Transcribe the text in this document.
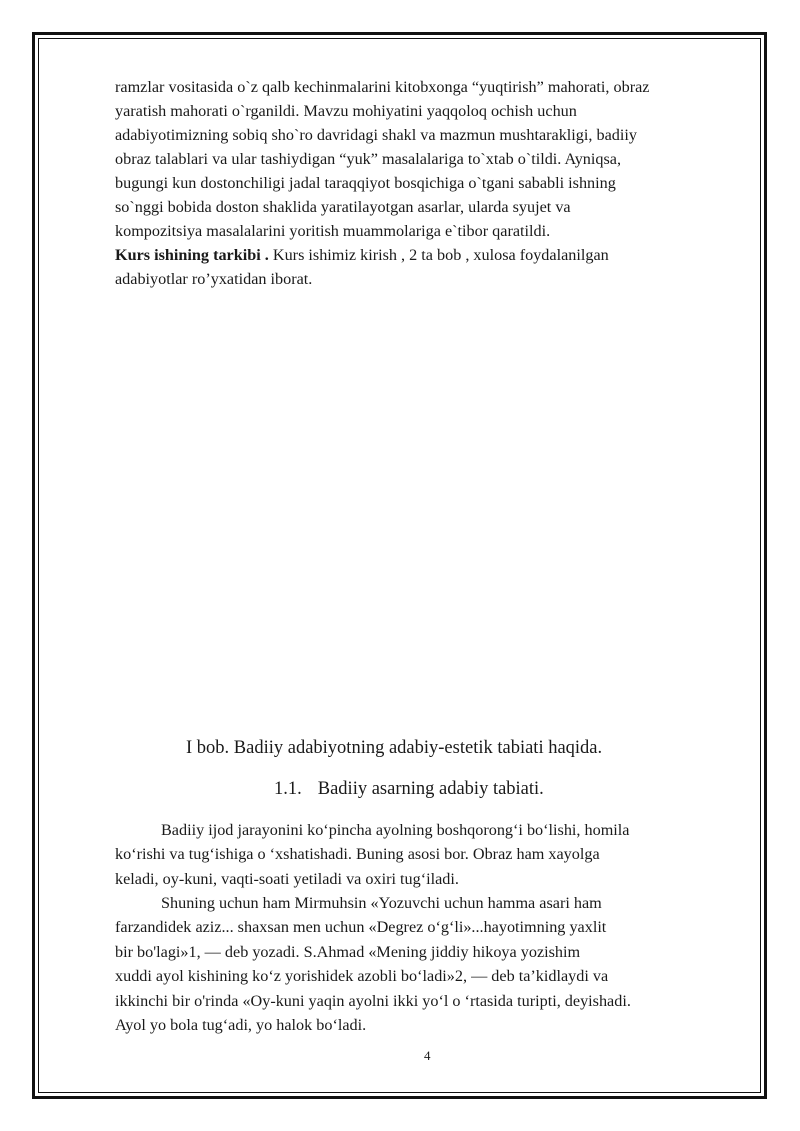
ramzlar vositasida o`z qalb kechinmalarini kitobxonga “yuqtirish” mahorati, obraz

yaratish mahorati o`rganildi. Mavzu mohiyatini yaqqoloq ochish uchun

adabiyotimizning sobiq sho`ro davridagi shakl va mazmun mushtarakligi, badiiy

obraz talablari va ular tashiydigan “yuk” masalalariga to`xtab o`tildi. Ayniqsa,

bugungi kun dostonchiligi jadal taraqqiyot bosqichiga o`tgani sababli ishning

so`nggi bobida doston shaklida yaratilayotgan asarlar, ularda syujet va

kompozitsiya masalalarini yoritish muammolariga e`tibor qaratildi.

Kurs ishining tarkibi . Kurs ishimiz kirish , 2 ta bob , xulosa foydalanilgan

adabiyotlar ro’yxatidan iborat.

I bob. Badiiy adabiyotning adabiy-estetik tabiati haqida.
1.1. Badiiy asarning adabiy tabiati.

Badiiy ijod jarayonini ko‘pincha ayolning boshqorong‘i bo‘lishi, homila

ko‘rishi va tug‘ishiga o ‘xshatishadi. Buning asosi bor. Obraz ham xayolga

keladi, oy-kuni, vaqti-soati yetiladi va oxiri tug‘iladi.

Shuning uchun ham Mirmuhsin «Yozuvchi uchun hamma asari ham

farzandidek aziz... shaxsan men uchun «Degrez o‘g‘li»...hayotimning yaxlit

bir bo'lagi»1, — deb yozadi. S.Ahmad «Mening jiddiy hikoya yozishim

xuddi ayol kishining ko‘z yorishidek azobli bo‘ladi»2, — deb ta’kidlaydi va

ikkinchi bir o'rinda «Oy-kuni yaqin ayolni ikki yo‘l o ‘rtasida turipti, deyishadi.

Ayol yo bola tug‘adi, yo halok bo‘ladi.

4
